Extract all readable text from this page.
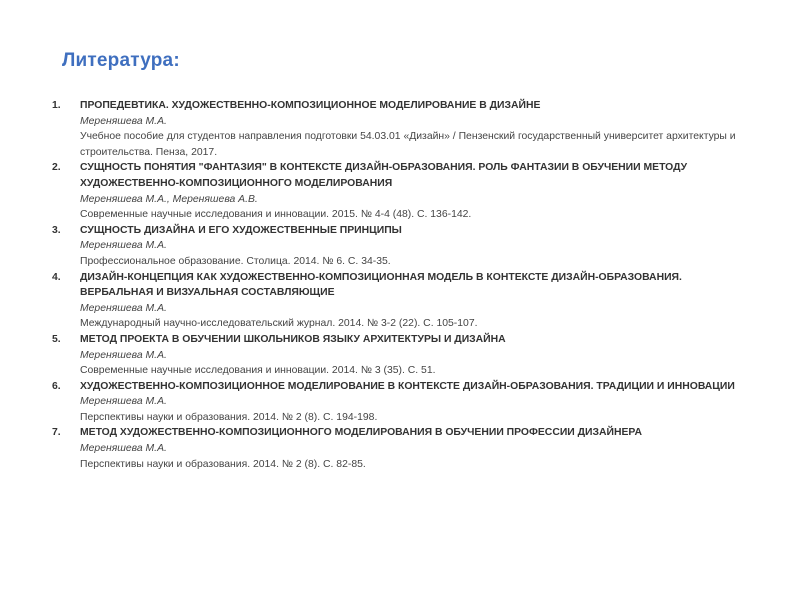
Литература:
1. ПРОПЕДЕВТИКА. ХУДОЖЕСТВЕННО-КОМПОЗИЦИОННОЕ МОДЕЛИРОВАНИЕ В ДИЗАЙНЕ
Мереняшева М.А.
Учебное пособие для студентов направления подготовки 54.03.01 «Дизайн» / Пензенский государственный университет архитектуры и строительства. Пенза, 2017.
2. СУЩНОСТЬ ПОНЯТИЯ "ФАНТАЗИЯ" В КОНТЕКСТЕ ДИЗАЙН-ОБРАЗОВАНИЯ. РОЛЬ ФАНТАЗИИ В ОБУЧЕНИИ МЕТОДУ ХУДОЖЕСТВЕННО-КОМПОЗИЦИОННОГО МОДЕЛИРОВАНИЯ
Мереняшева М.А., Мереняшева А.В.
Современные научные исследования и инновации. 2015. № 4-4 (48). С. 136-142.
3. СУЩНОСТЬ ДИЗАЙНА И ЕГО ХУДОЖЕСТВЕННЫЕ ПРИНЦИПЫ
Мереняшева М.А.
Профессиональное образование. Столица. 2014. № 6. С. 34-35.
4. ДИЗАЙН-КОНЦЕПЦИЯ КАК ХУДОЖЕСТВЕННО-КОМПОЗИЦИОННАЯ МОДЕЛЬ В КОНТЕКСТЕ ДИЗАЙН-ОБРАЗОВАНИЯ. ВЕРБАЛЬНАЯ И ВИЗУАЛЬНАЯ СОСТАВЛЯЮЩИЕ
Мереняшева М.А.
Международный научно-исследовательский журнал. 2014. № 3-2 (22). С. 105-107.
5. МЕТОД ПРОЕКТА В ОБУЧЕНИИ ШКОЛЬНИКОВ ЯЗЫКУ АРХИТЕКТУРЫ И ДИЗАЙНА
Мереняшева М.А.
Современные научные исследования и инновации. 2014. № 3 (35). С. 51.
6. ХУДОЖЕСТВЕННО-КОМПОЗИЦИОННОЕ МОДЕЛИРОВАНИЕ В КОНТЕКСТЕ ДИЗАЙН-ОБРАЗОВАНИЯ. ТРАДИЦИИ И ИННОВАЦИИ
Мереняшева М.А.
Перспективы науки и образования. 2014. № 2 (8). С. 194-198.
7. МЕТОД ХУДОЖЕСТВЕННО-КОМПОЗИЦИОННОГО МОДЕЛИРОВАНИЯ В ОБУЧЕНИИ ПРОФЕССИИ ДИЗАЙНЕРА
Мереняшева М.А.
Перспективы науки и образования. 2014. № 2 (8). С. 82-85.
